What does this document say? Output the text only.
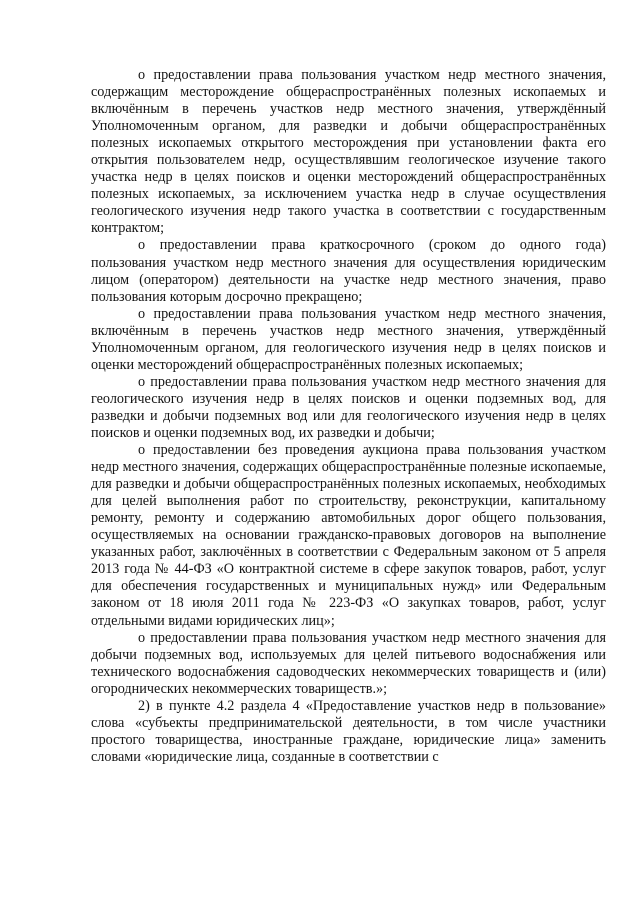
о предоставлении права пользования участком недр местного значения, содержащим месторождение общераспространённых полезных ископаемых и включённым в перечень участков недр местного значения, утверждённый Уполномоченным органом, для разведки и добычи общераспространённых полезных ископаемых открытого месторождения при установлении факта его открытия пользователем недр, осуществлявшим геологическое изучение такого участка недр в целях поисков и оценки месторождений общераспространённых полезных ископаемых, за исключением участка недр в случае осуществления геологического изучения недр такого участка в соответствии с государственным контрактом;

о предоставлении права краткосрочного (сроком до одного года) пользования участком недр местного значения для осуществления юридическим лицом (оператором) деятельности на участке недр местного значения, право пользования которым досрочно прекращено;

о предоставлении права пользования участком недр местного значения, включённым в перечень участков недр местного значения, утверждённый Уполномоченным органом, для геологического изучения недр в целях поисков и оценки месторождений общераспространённых полезных ископаемых;

о предоставлении права пользования участком недр местного значения для геологического изучения недр в целях поисков и оценки подземных вод, для разведки и добычи подземных вод или для геологического изучения недр в целях поисков и оценки подземных вод, их разведки и добычи;

о предоставлении без проведения аукциона права пользования участком недр местного значения, содержащих общераспространённые полезные ископаемые, для разведки и добычи общераспространённых полезных ископаемых, необходимых для целей выполнения работ по строительству, реконструкции, капитальному ремонту, ремонту и содержанию автомобильных дорог общего пользования, осуществляемых на основании гражданско-правовых договоров на выполнение указанных работ, заключённых в соответствии с Федеральным законом от 5 апреля 2013 года № 44-ФЗ «О контрактной системе в сфере закупок товаров, работ, услуг для обеспечения государственных и муниципальных нужд» или Федеральным законом от 18 июля 2011 года № 223-ФЗ «О закупках товаров, работ, услуг отдельными видами юридических лиц»;

о предоставлении права пользования участком недр местного значения для добычи подземных вод, используемых для целей питьевого водоснабжения или технического водоснабжения садоводческих некоммерческих товариществ и (или) огороднических некоммерческих товариществ.»;

2) в пункте 4.2 раздела 4 «Предоставление участков недр в пользование» слова «субъекты предпринимательской деятельности, в том числе участники простого товарищества, иностранные граждане, юридические лица» заменить словами «юридические лица, созданные в соответствии с
